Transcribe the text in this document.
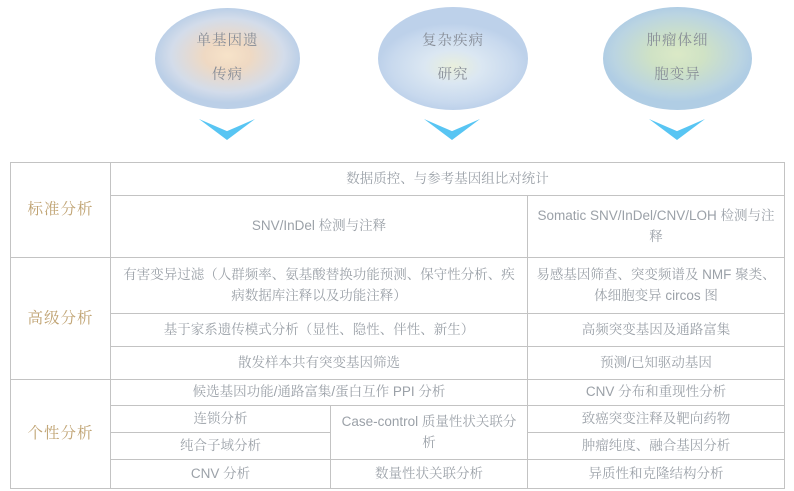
单基因遗
传病
复杂疾病
研究
肿瘤体细
胞变异
标准分析	数据质控、与参考基因组比对统计		
	SNV/InDel 检测与注释		Somatic SNV/InDel/CNV/LOH 检测与注释
高级分析	有害变异过滤（人群频率、氨基酸替换功能预测、保守性分析、疾病数据库注释以及功能注释）		易感基因筛查、突变频谱及 NMF 聚类、体细胞变异 circos 图
	基于家系遗传模式分析（显性、隐性、伴性、新生）		高频突变基因及通路富集
	散发样本共有突变基因筛选		预测/已知驱动基因
个性分析	候选基因功能/通路富集/蛋白互作 PPI 分析		CNV 分布和重现性分析
	连锁分析	Case-control 质量性状关联分析	致癌突变注释及靶向药物
	纯合子域分析		肿瘤纯度、融合基因分析
	CNV 分析	数量性状关联分析	异质性和克隆结构分析
